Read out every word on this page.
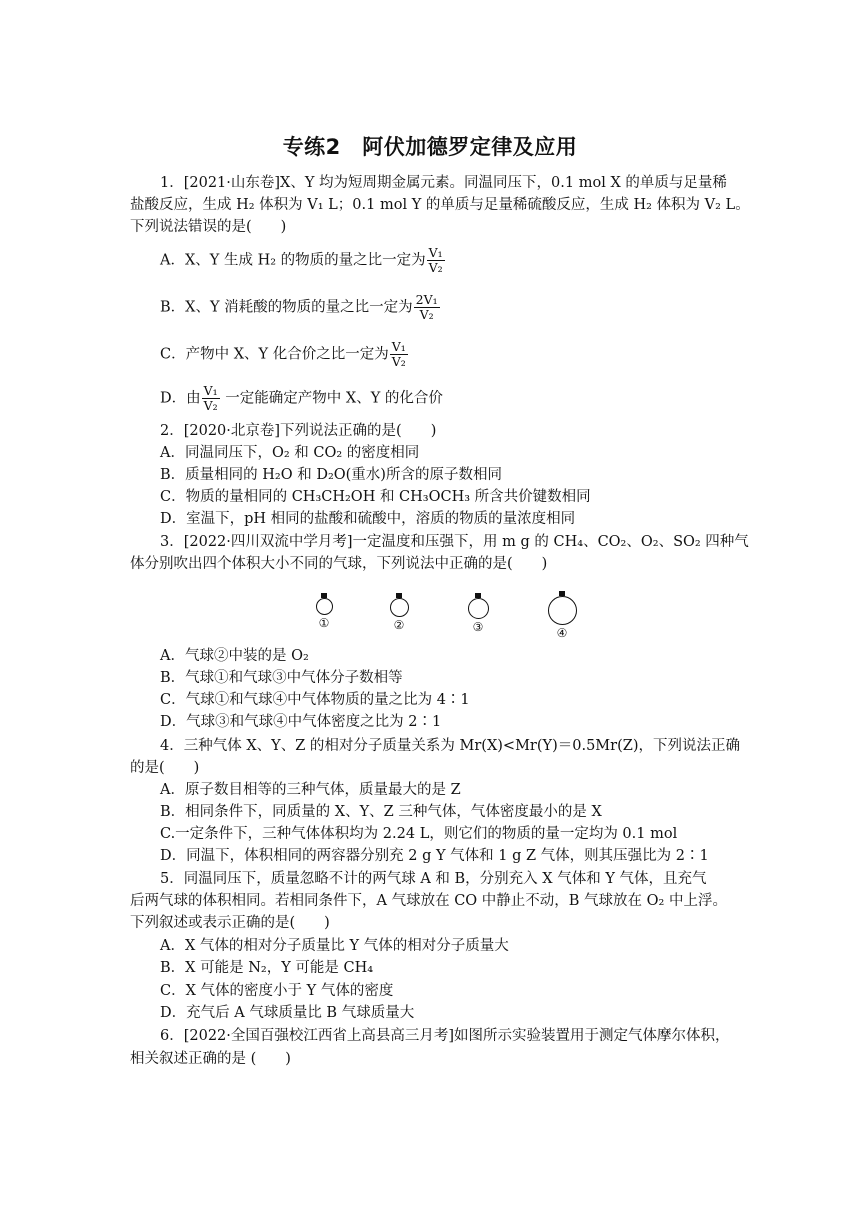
专练2　阿伏加德罗定律及应用
1．[2021·山东卷]X、Y 均为短周期金属元素。同温同压下，0.1 mol X 的单质与足量稀
盐酸反应，生成 H₂ 体积为 V₁ L；0.1 mol Y 的单质与足量稀硫酸反应，生成 H₂ 体积为 V₂ L。
下列说法错误的是(　　)
A．X、Y 生成 H₂ 的物质的量之比一定为 $\frac{\text{V₁}}{\text{V₂}}$
B．X、Y 消耗酸的物质的量之比一定为 $\frac{\text{2V₁}}{\text{V₂}}$
C．产物中 X、Y 化合价之比一定为 $\frac{\text{V₁}}{\text{V₂}}$
D．由 $\frac{\text{V₁}}{\text{V₂}}$ 一定能确定产物中 X、Y 的化合价
2．[2020·北京卷]下列说法正确的是(　　)
A．同温同压下，O₂ 和 CO₂ 的密度相同
B．质量相同的 H₂O 和 D₂O(重水)所含的原子数相同
C．物质的量相同的 CH₃CH₂OH 和 CH₃OCH₃ 所含共价键数相同
D．室温下，pH 相同的盐酸和硫酸中，溶质的物质的量浓度相同
3．[2022·四川双流中学月考]一定温度和压强下，用 m g 的 CH₄、CO₂、O₂、SO₂ 四种气
体分别吹出四个体积大小不同的气球，下列说法中正确的是(　　)
①	②	③	④
A．气球②中装的是 O₂
B．气球①和气球③中气体分子数相等
C．气球①和气球④中气体物质的量之比为 4∶1
D．气球③和气球④中气体密度之比为 2∶1
4．三种气体 X、Y、Z 的相对分子质量关系为 Mr(X)<Mr(Y)＝0.5Mr(Z)，下列说法正确
的是(　　)
A．原子数目相等的三种气体，质量最大的是 Z
B．相同条件下，同质量的 X、Y、Z 三种气体，气体密度最小的是 X
C.一定条件下，三种气体体积均为 2.24 L，则它们的物质的量一定均为 0.1 mol
D．同温下，体积相同的两容器分别充 2 g Y 气体和 1 g Z 气体，则其压强比为 2∶1
5．同温同压下，质量忽略不计的两气球 A 和 B，分别充入 X 气体和 Y 气体，且充气
后两气球的体积相同。若相同条件下，A 气球放在 CO 中静止不动，B 气球放在 O₂ 中上浮。
下列叙述或表示正确的是(　　)
A．X 气体的相对分子质量比 Y 气体的相对分子质量大
B．X 可能是 N₂，Y 可能是 CH₄
C．X 气体的密度小于 Y 气体的密度
D．充气后 A 气球质量比 B 气球质量大
6．[2022·全国百强校江西省上高县高三月考]如图所示实验装置用于测定气体摩尔体积，
相关叙述正确的是 (　　)
